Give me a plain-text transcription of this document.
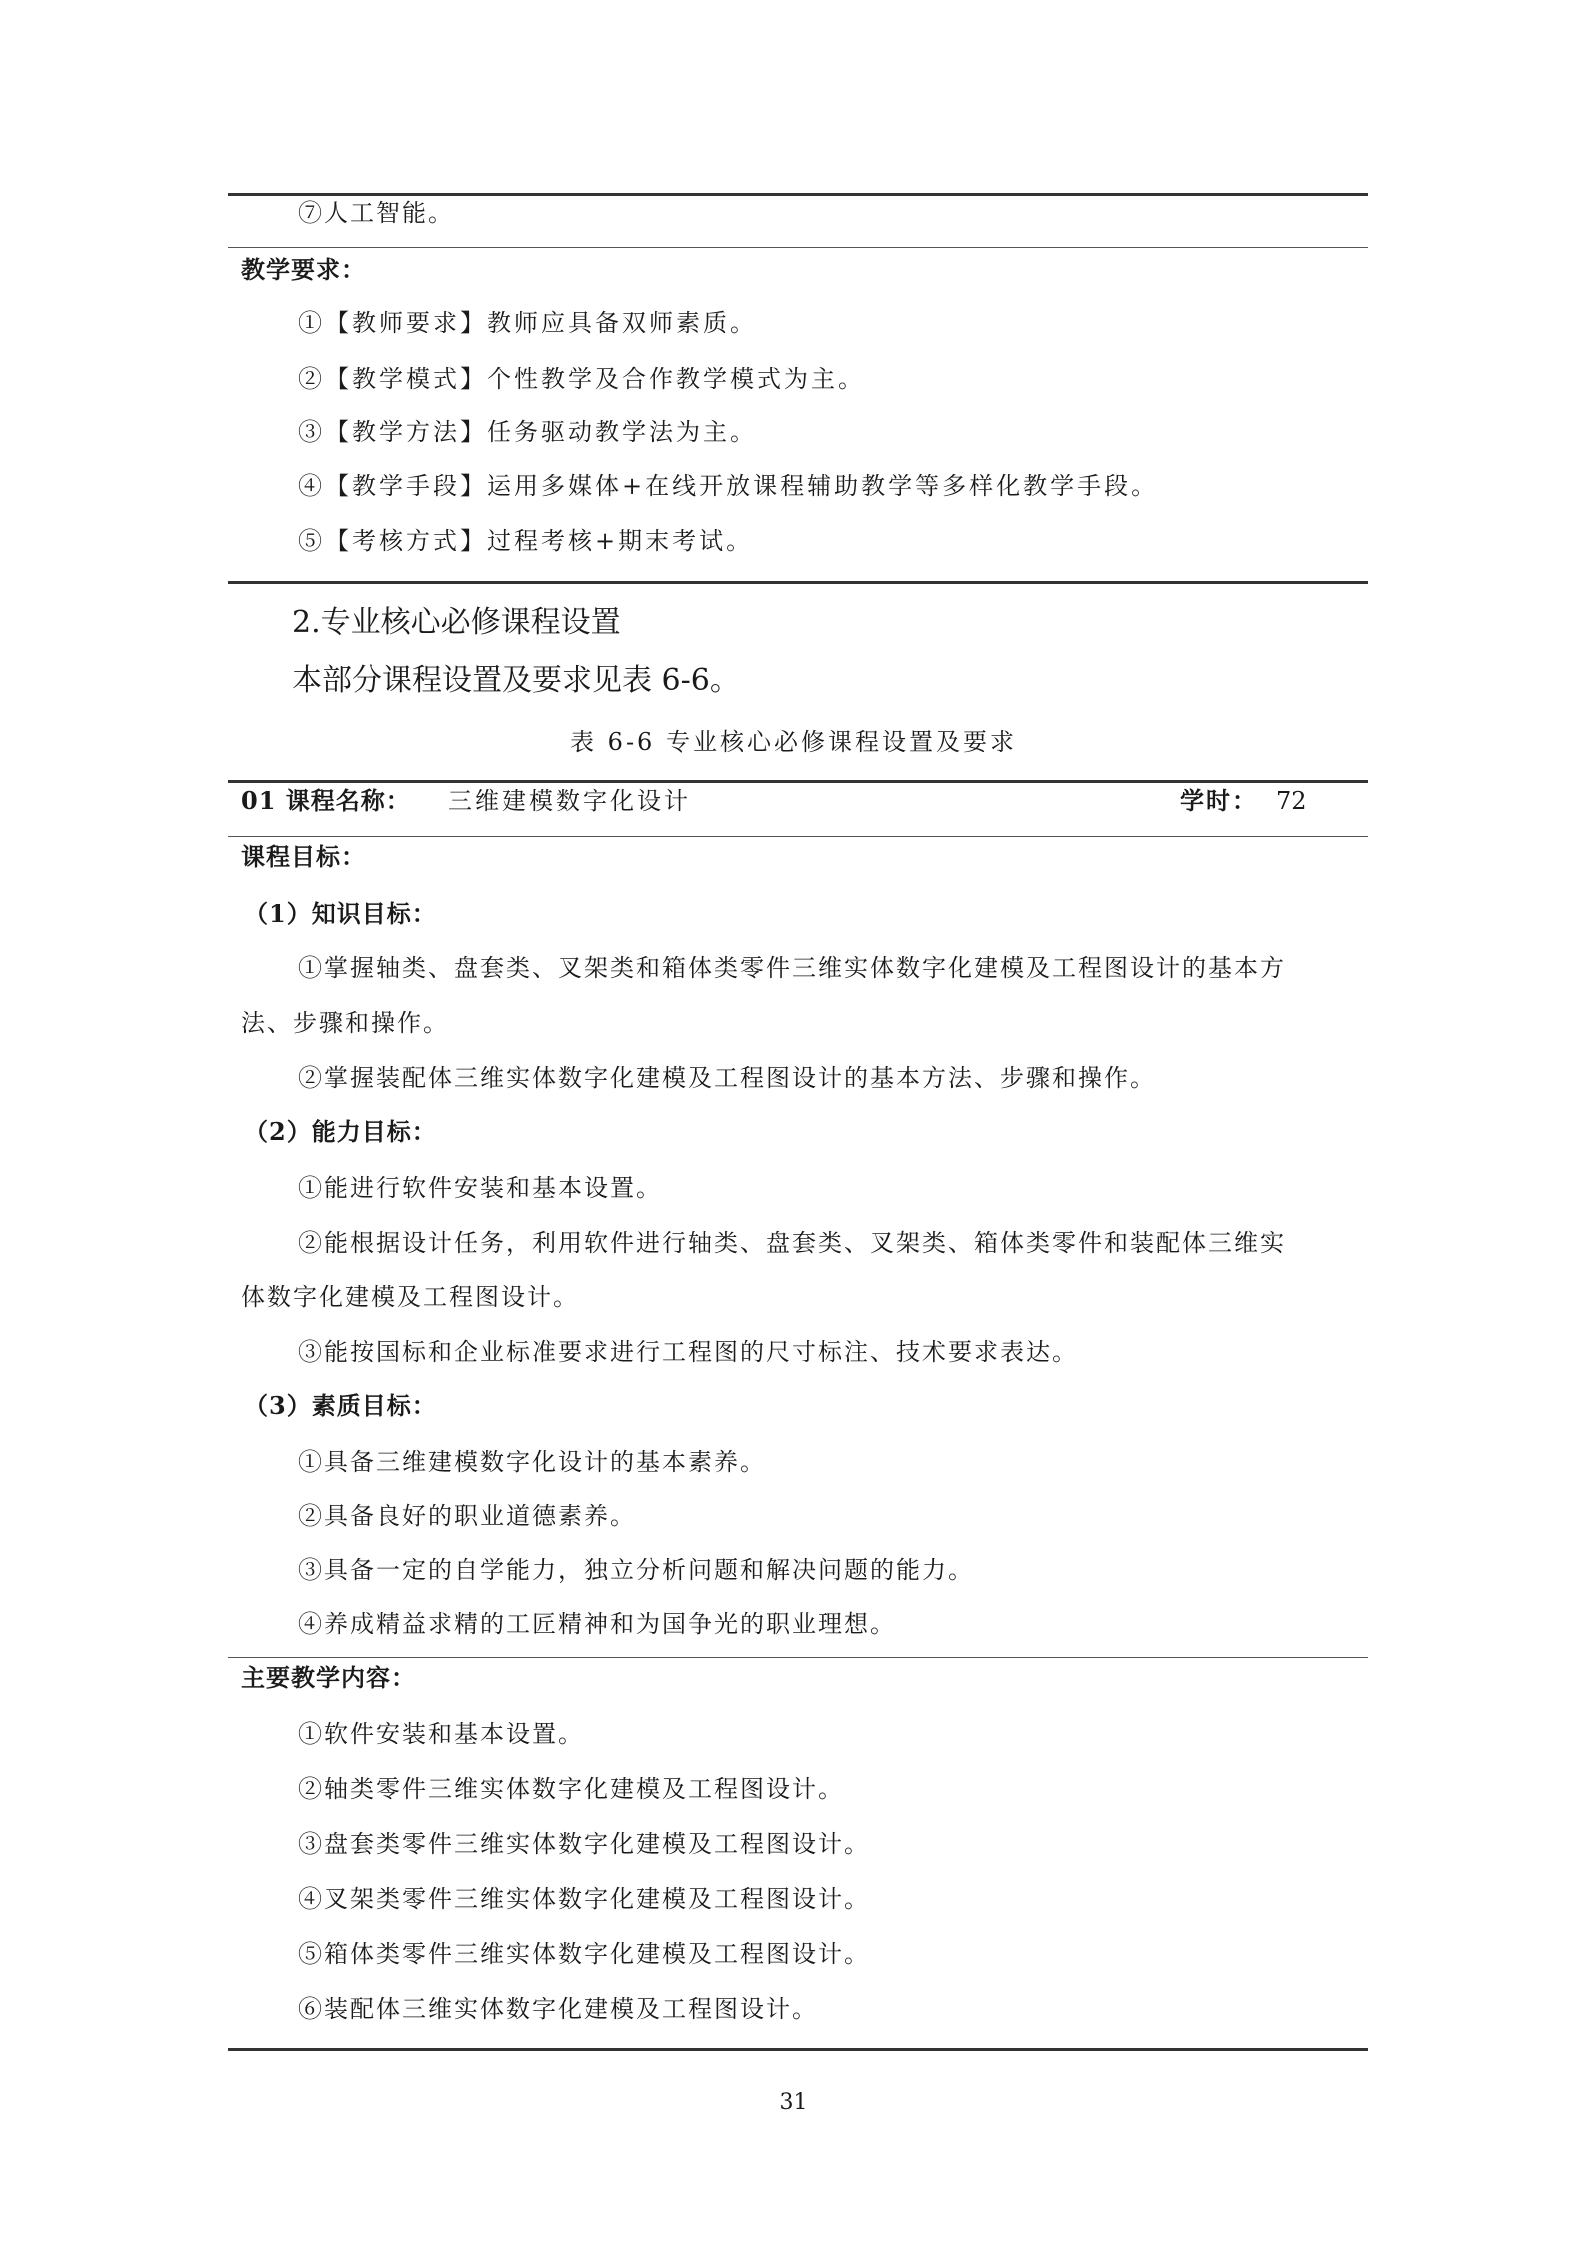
⑦人工智能。
教学要求：
①【教师要求】教师应具备双师素质。
②【教学模式】个性教学及合作教学模式为主。
③【教学方法】任务驱动教学法为主。
④【教学手段】运用多媒体+在线开放课程辅助教学等多样化教学手段。
⑤【考核方式】过程考核+期末考试。
2.专业核心必修课程设置
本部分课程设置及要求见表 6-6。
表 6-6 专业核心必修课程设置及要求
01 课程名称： 三维建模数字化设计	学时： 72
课程目标：
（1）知识目标：
①掌握轴类、盘套类、叉架类和箱体类零件三维实体数字化建模及工程图设计的基本方
法、步骤和操作。
②掌握装配体三维实体数字化建模及工程图设计的基本方法、步骤和操作。
（2）能力目标：
①能进行软件安装和基本设置。
②能根据设计任务，利用软件进行轴类、盘套类、叉架类、箱体类零件和装配体三维实
体数字化建模及工程图设计。
③能按国标和企业标准要求进行工程图的尺寸标注、技术要求表达。
（3）素质目标：
①具备三维建模数字化设计的基本素养。
②具备良好的职业道德素养。
③具备一定的自学能力，独立分析问题和解决问题的能力。
④养成精益求精的工匠精神和为国争光的职业理想。
主要教学内容：
①软件安装和基本设置。
②轴类零件三维实体数字化建模及工程图设计。
③盘套类零件三维实体数字化建模及工程图设计。
④叉架类零件三维实体数字化建模及工程图设计。
⑤箱体类零件三维实体数字化建模及工程图设计。
⑥装配体三维实体数字化建模及工程图设计。
31
